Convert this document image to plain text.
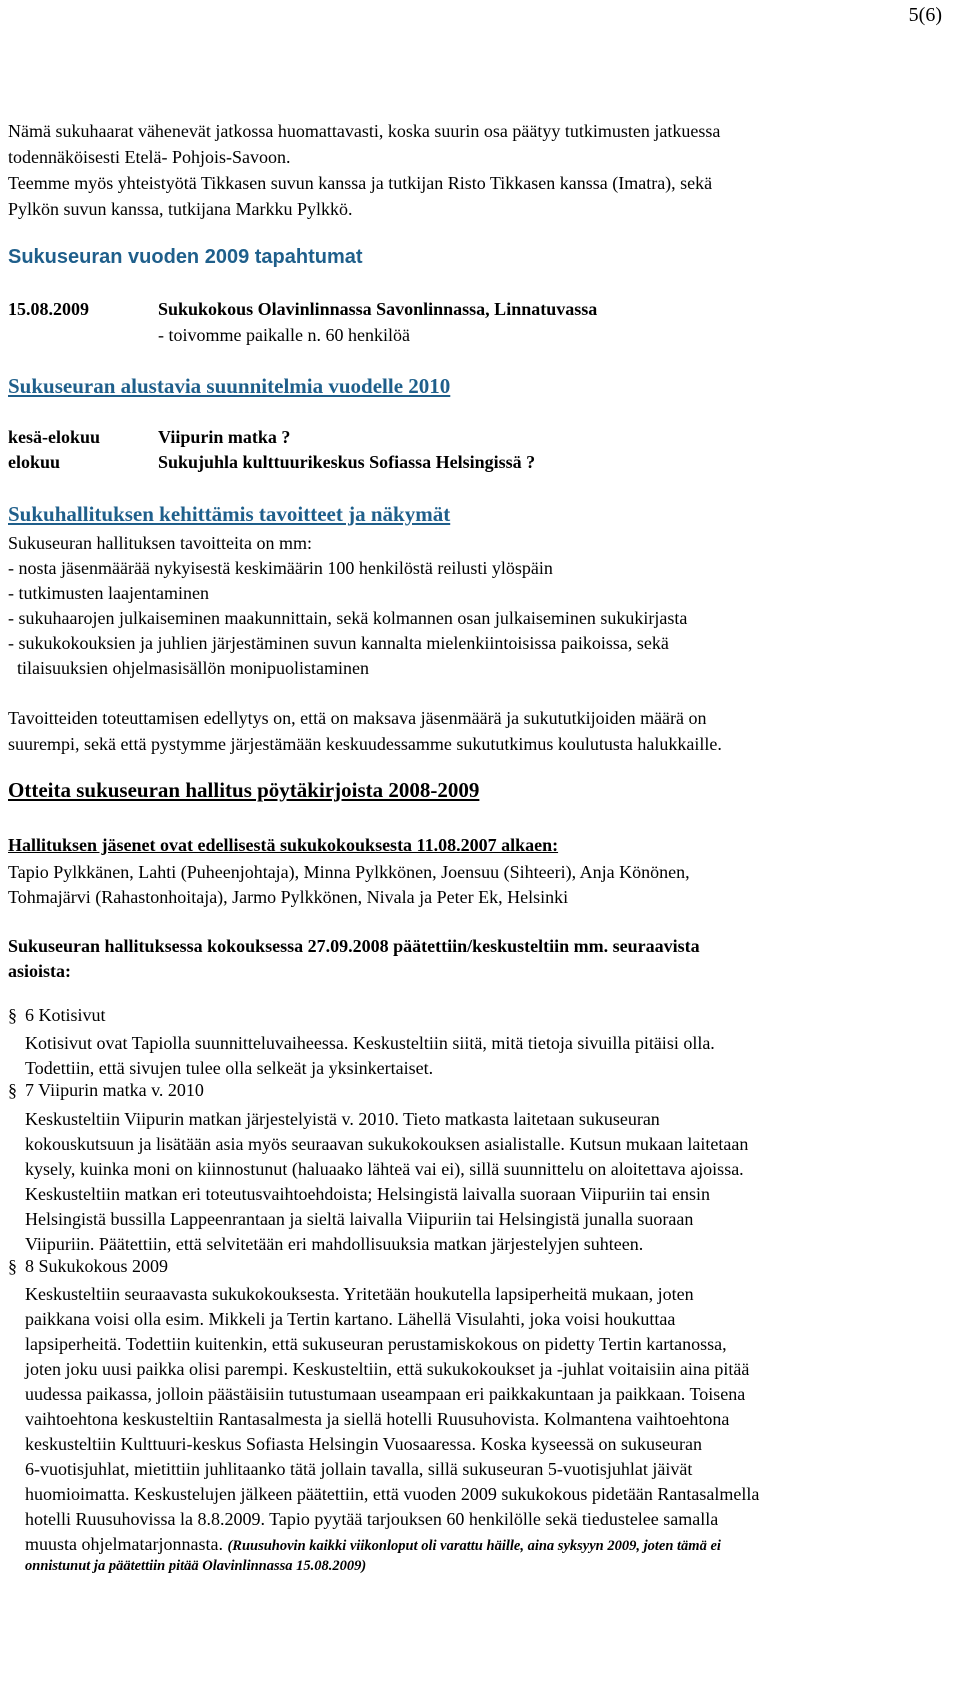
5(6)
Nämä sukuhaarat vähenevät jatkossa huomattavasti, koska suurin osa päätyy tutkimusten jatkuessa
todennäköisesti Etelä- Pohjois-Savoon.
Teemme myös yhteistyötä Tikkasen suvun kanssa ja tutkijan Risto Tikkasen kanssa (Imatra), sekä
Pylkön suvun kanssa, tutkijana Markku Pylkkö.
Sukuseuran vuoden 2009 tapahtumat
15.08.2009	Sukukokous Olavinlinnassa Savonlinnassa, Linnatuvassa
- toivomme paikalle n. 60 henkilöä
Sukuseuran alustavia suunnitelmia vuodelle 2010
kesä-elokuu	Viipurin matka ?
elokuu	Sukujuhla kulttuurikeskus Sofiassa Helsingissä ?
Sukuhallituksen kehittämis tavoitteet ja näkymät
Sukuseuran hallituksen tavoitteita on mm:
- nosta jäsenmäärää nykyisestä keskimäärin 100 henkilöstä reilusti ylöspäin
- tutkimusten laajentaminen
- sukuhaarojen julkaiseminen maakunnittain, sekä kolmannen osan julkaiseminen sukukirjasta
- sukukokouksien ja juhlien järjestäminen suvun kannalta mielenkiintoisissa paikoissa, sekä
tilaisuuksien ohjelmasisällön monipuolistaminen
Tavoitteiden toteuttamisen edellytys on, että on maksava jäsenmäärä ja sukututkijoiden määrä on
suurempi, sekä että pystymme järjestämään keskuudessamme sukututkimus koulutusta halukkaille.
Otteita sukuseuran hallitus pöytäkirjoista 2008-2009
Hallituksen jäsenet ovat edellisestä sukukokouksesta 11.08.2007 alkaen:
Tapio Pylkkänen, Lahti (Puheenjohtaja), Minna Pylkkönen, Joensuu (Sihteeri), Anja Könönen,
Tohmajärvi (Rahastonhoitaja), Jarmo Pylkkönen, Nivala ja Peter Ek, Helsinki
Sukuseuran hallituksessa kokouksessa 27.09.2008 päätettiin/keskusteltiin mm. seuraavista
asioista:
§ 6 Kotisivut
Kotisivut ovat Tapiolla suunnitteluvaiheessa. Keskusteltiin siitä, mitä tietoja sivuilla pitäisi olla.
Todettiin, että sivujen tulee olla selkeät ja yksinkertaiset.
§ 7 Viipurin matka v. 2010
Keskusteltiin Viipurin matkan järjestelyistä v. 2010. Tieto matkasta laitetaan sukuseuran
kokouskutsuun ja lisätään asia myös seuraavan sukukokouksen asialistalle. Kutsun mukaan laitetaan
kysely, kuinka moni on kiinnostunut (haluaako lähteä vai ei), sillä suunnittelu on aloitettava ajoissa.
Keskusteltiin matkan eri toteutusvaihtoehdoista; Helsingistä laivalla suoraan Viipuriin tai ensin
Helsingistä bussilla Lappeenrantaan ja sieltä laivalla Viipuriin tai Helsingistä junalla suoraan
Viipuriin. Päätettiin, että selvitetään eri mahdollisuuksia matkan järjestelyjen suhteen.
§ 8 Sukukokous 2009
Keskusteltiin seuraavasta sukukokouksesta. Yritetään houkutella lapsiperheitä mukaan, joten
paikkana voisi olla esim. Mikkeli ja Tertin kartano. Lähellä Visulahti, joka voisi houkuttaa
lapsiperheitä. Todettiin kuitenkin, että sukuseuran perustamiskokous on pidetty Tertin kartanossa,
joten joku uusi paikka olisi parempi. Keskusteltiin, että sukukokoukset ja -juhlat voitaisiin aina pitää
uudessa paikassa, jolloin päästäisiin tutustumaan useampaan eri paikkakuntaan ja paikkaan. Toisena
vaihtoehtona keskusteltiin Rantasalmesta ja siellä hotelli Ruusuhovista. Kolmantena vaihtoehtona
keskusteltiin Kulttuuri-keskus Sofiasta Helsingin Vuosaaressa. Koska kyseessä on sukuseuran
6-vuotisjuhlat, mietittiin juhlitaanko tätä jollain tavalla, sillä sukuseuran 5-vuotisjuhlat jäivät
huomioimatta. Keskustelujen jälkeen päätettiin, että vuoden 2009 sukukokous pidetään Rantasalmella
hotelli Ruusuhovissa la 8.8.2009. Tapio pyytää tarjouksen 60 henkilölle sekä tiedustelee samalla
muusta ohjelmatarjonnasta. (Ruusuhovin kaikki viikonloput oli varattu häille, aina syksyyn 2009, joten tämä ei
onnistunut ja päätettiin pitää Olavinlinnassa 15.08.2009)
